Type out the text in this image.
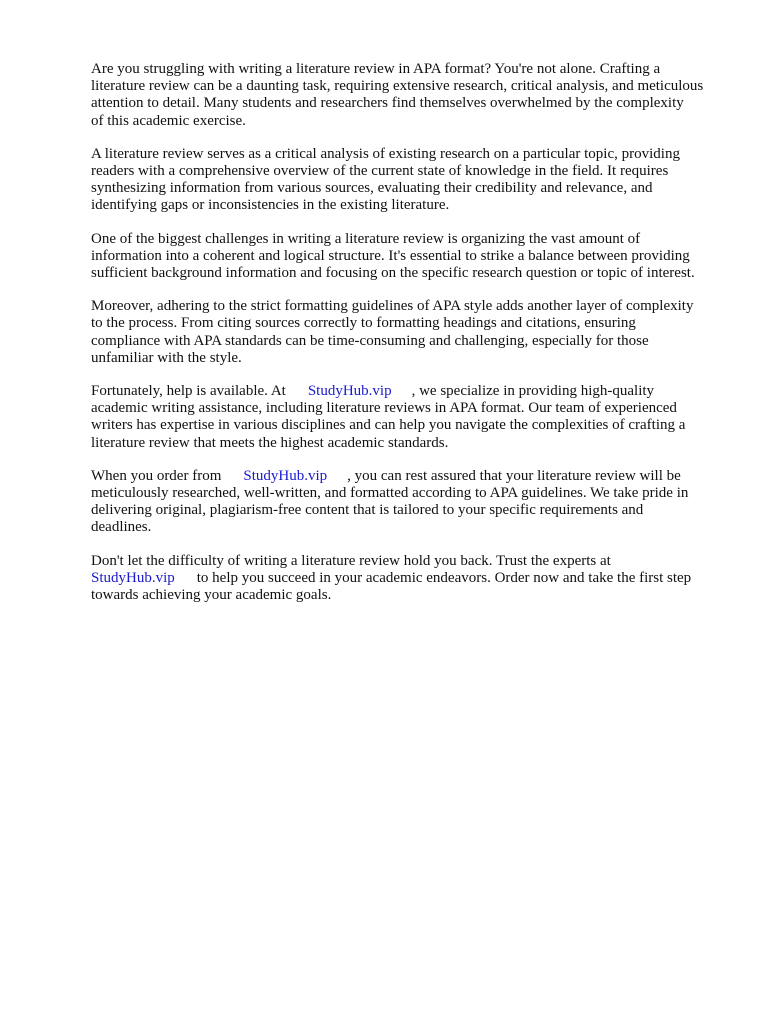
Are you struggling with writing a literature review in APA format? You're not alone. Crafting a
literature review can be a daunting task, requiring extensive research, critical analysis, and meticulous
attention to detail. Many students and researchers find themselves overwhelmed by the complexity
of this academic exercise.
A literature review serves as a critical analysis of existing research on a particular topic, providing
readers with a comprehensive overview of the current state of knowledge in the field. It requires
synthesizing information from various sources, evaluating their credibility and relevance, and
identifying gaps or inconsistencies in the existing literature.
One of the biggest challenges in writing a literature review is organizing the vast amount of
information into a coherent and logical structure. It's essential to strike a balance between providing
sufficient background information and focusing on the specific research question or topic of interest.
Moreover, adhering to the strict formatting guidelines of APA style adds another layer of complexity
to the process. From citing sources correctly to formatting headings and citations, ensuring
compliance with APA standards can be time-consuming and challenging, especially for those
unfamiliar with the style.
Fortunately, help is available. At StudyHub.vip , we specialize in providing high-quality
academic writing assistance, including literature reviews in APA format. Our team of experienced
writers has expertise in various disciplines and can help you navigate the complexities of crafting a
literature review that meets the highest academic standards.
When you order from StudyHub.vip , you can rest assured that your literature review will be
meticulously researched, well-written, and formatted according to APA guidelines. We take pride in
delivering original, plagiarism-free content that is tailored to your specific requirements and
deadlines.
Don't let the difficulty of writing a literature review hold you back. Trust the experts at
StudyHub.vip to help you succeed in your academic endeavors. Order now and take the first step
towards achieving your academic goals.
